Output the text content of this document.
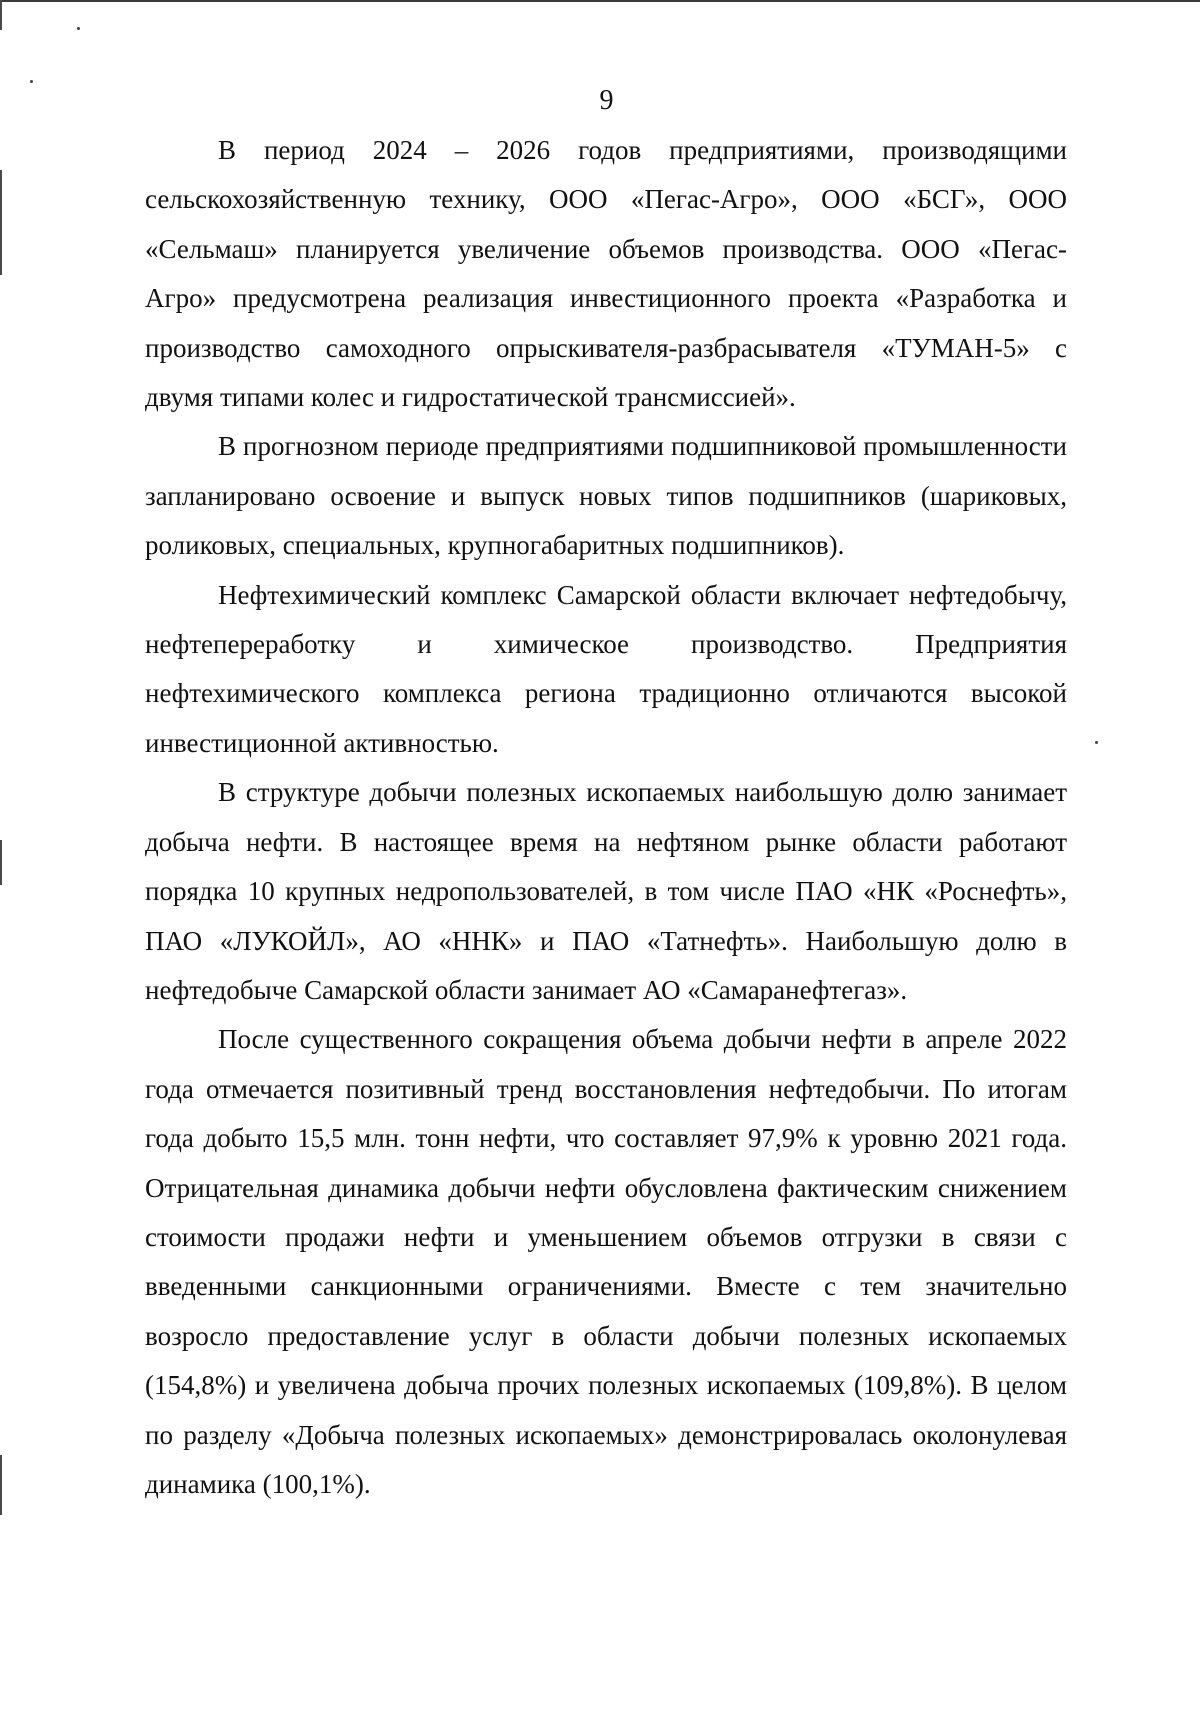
9

В период 2024 – 2026 годов предприятиями, производящими сельскохозяйственную технику, ООО «Пегас-Агро», ООО «БСГ», ООО «Сельмаш» планируется увеличение объемов производства. ООО «Пегас-Агро» предусмотрена реализация инвестиционного проекта «Разработка и производство самоходного опрыскивателя-разбрасывателя «ТУМАН-5» с двумя типами колес и гидростатической трансмиссией».

В прогнозном периоде предприятиями подшипниковой промышленности запланировано освоение и выпуск новых типов подшипников (шариковых, роликовых, специальных, крупногабаритных подшипников).

Нефтехимический комплекс Самарской области включает нефтедобычу, нефтепереработку и химическое производство. Предприятия нефтехимического комплекса региона традиционно отличаются высокой инвестиционной активностью.

В структуре добычи полезных ископаемых наибольшую долю занимает добыча нефти. В настоящее время на нефтяном рынке области работают порядка 10 крупных недропользователей, в том числе ПАО «НК «Роснефть», ПАО «ЛУКОЙЛ», АО «ННК» и ПАО «Татнефть». Наибольшую долю в нефтедобыче Самарской области занимает АО «Самаранефтегаз».

После существенного сокращения объема добычи нефти в апреле 2022 года отмечается позитивный тренд восстановления нефтедобычи. По итогам года добыто 15,5 млн. тонн нефти, что составляет 97,9% к уровню 2021 года. Отрицательная динамика добычи нефти обусловлена фактическим снижением стоимости продажи нефти и уменьшением объемов отгрузки в связи с введенными санкционными ограничениями. Вместе с тем значительно возросло предоставление услуг в области добычи полезных ископаемых (154,8%) и увеличена добыча прочих полезных ископаемых (109,8%). В целом по разделу «Добыча полезных ископаемых» демонстрировалась околонулевая динамика (100,1%).
